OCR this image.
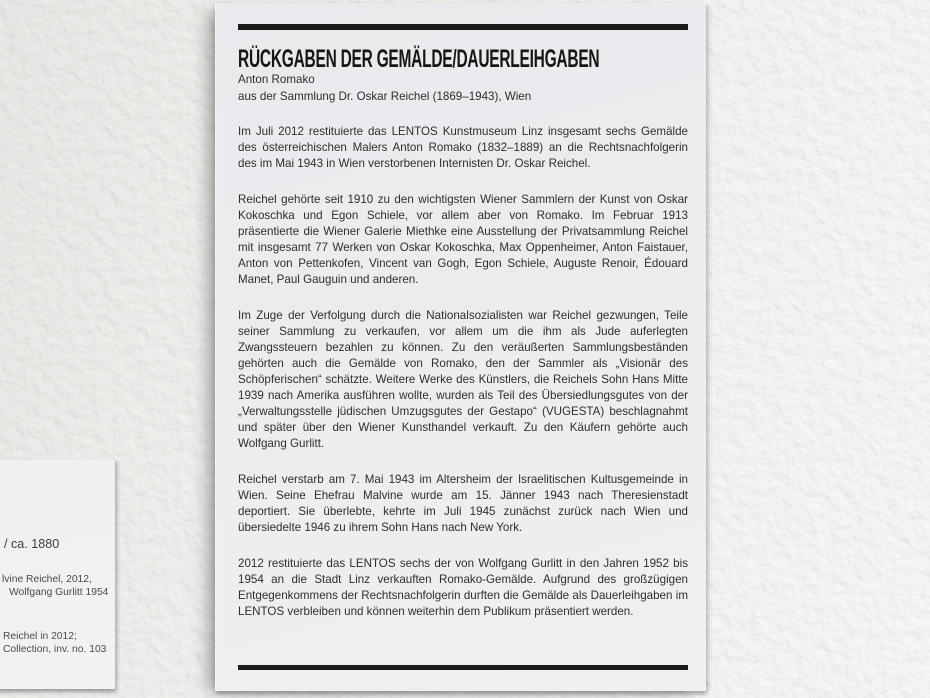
/ ca. 1880
lvine Reichel, 2012,
Wolfgang Gurlitt 1954
Reichel in 2012;
Collection, inv. no. 103
RÜCKGABEN DER GEMÄLDE/DAUERLEIHGABEN
Anton Romako
aus der Sammlung Dr. Oskar Reichel (1869–1943), Wien

Im Juli 2012 restituierte das LENTOS Kunstmuseum Linz insgesamt sechs Gemälde des österreichischen Malers Anton Romako (1832–1889) an die Rechtsnachfolgerin des im Mai 1943 in Wien verstorbenen Internisten Dr. Oskar Reichel.

Reichel gehörte seit 1910 zu den wichtigsten Wiener Sammlern der Kunst von Oskar Kokoschka und Egon Schiele, vor allem aber von Romako. Im Februar 1913 präsentierte die Wiener Galerie Miethke eine Ausstellung der Privatsammlung Reichel mit insgesamt 77 Werken von Oskar Kokoschka, Max Oppenheimer, Anton Faistauer, Anton von Pettenkofen, Vincent van Gogh, Egon Schiele, Auguste Renoir, Édouard Manet, Paul Gauguin und anderen.

Im Zuge der Verfolgung durch die Nationalsozialisten war Reichel gezwungen, Teile seiner Sammlung zu verkaufen, vor allem um die ihm als Jude auferlegten Zwangssteuern bezahlen zu können. Zu den veräußerten Sammlungsbeständen gehörten auch die Gemälde von Romako, den der Sammler als „Visionär des Schöpferischen“ schätzte. Weitere Werke des Künstlers, die Reichels Sohn Hans Mitte 1939 nach Amerika ausführen wollte, wurden als Teil des Übersiedlungsgutes von der „Verwaltungsstelle jüdischen Umzugsgutes der Gestapo“ (VUGESTA) beschlagnahmt und später über den Wiener Kunsthandel verkauft. Zu den Käufern gehörte auch Wolfgang Gurlitt.

Reichel verstarb am 7. Mai 1943 im Altersheim der Israelitischen Kultusgemeinde in Wien. Seine Ehefrau Malvine wurde am 15. Jänner 1943 nach Theresienstadt deportiert. Sie überlebte, kehrte im Juli 1945 zunächst zurück nach Wien und übersiedelte 1946 zu ihrem Sohn Hans nach New York.

2012 restituierte das LENTOS sechs der von Wolfgang Gurlitt in den Jahren 1952 bis 1954 an die Stadt Linz verkauften Romako-Gemälde. Aufgrund des großzügigen Entgegenkommens der Rechtsnachfolgerin durften die Gemälde als Dauerleihgaben im LENTOS verbleiben und können weiterhin dem Publikum präsentiert werden.
